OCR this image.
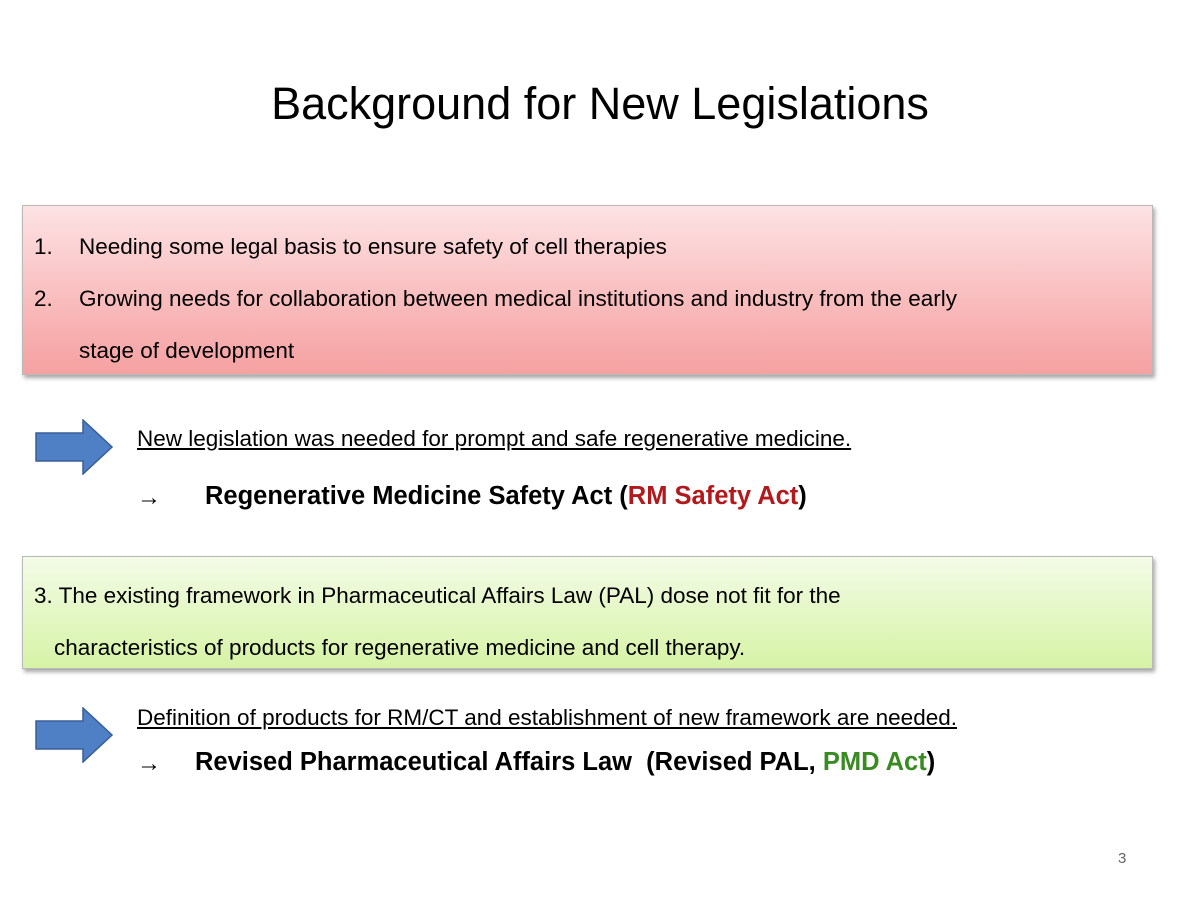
Background for New Legislations
1. Needing some legal basis to ensure safety of cell therapies
2. Growing needs for collaboration between medical institutions and industry from the early
stage of development
New legislation was needed for prompt and safe regenerative medicine.
→ Regenerative Medicine Safety Act (RM Safety Act)
3. The existing framework in Pharmaceutical Affairs Law (PAL) dose not fit for the
characteristics of products for regenerative medicine and cell therapy.
Definition of products for RM/CT and establishment of new framework are needed.
→ Revised Pharmaceutical Affairs Law  (Revised PAL, PMD Act)
3
